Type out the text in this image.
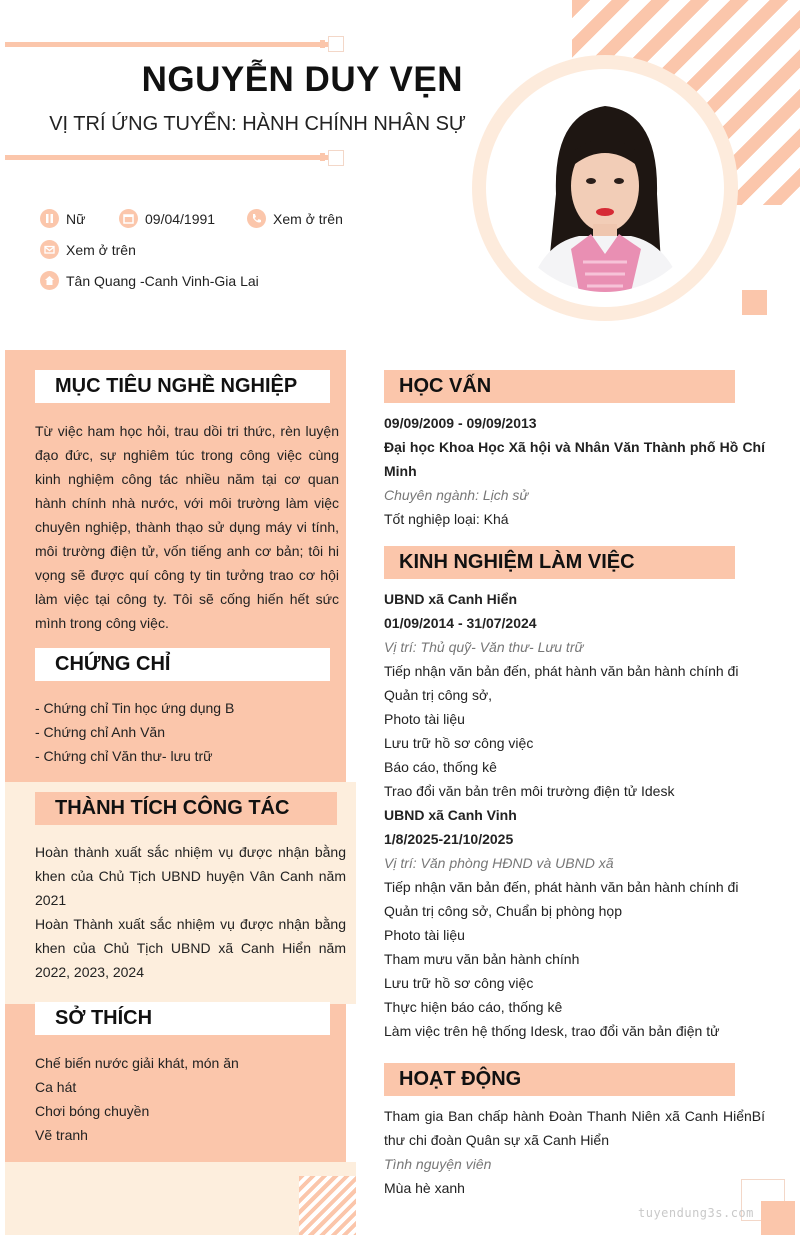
NGUYỄN DUY VẸN
VỊ TRÍ ỨNG TUYỂN: HÀNH CHÍNH NHÂN SỰ
Nữ	09/04/1991	Xem ở trên
Xem ở trên
Tân Quang -Canh Vinh-Gia Lai
MỤC TIÊU NGHỀ NGHIỆP
Từ việc ham học hỏi, trau dồi tri thức, rèn luyện đạo đức, sự nghiêm túc trong công việc cùng kinh nghiệm công tác nhiều năm tại cơ quan hành chính nhà nước, với môi trường làm việc chuyên nghiệp, thành thạo sử dụng máy vi tính, môi trường điện tử, vốn tiếng anh cơ bản; tôi hi vọng sẽ được quí công ty tin tưởng trao cơ hội làm việc tại công ty. Tôi sẽ cống hiến hết sức mình trong công việc.
CHỨNG CHỈ
- Chứng chỉ Tin học ứng dụng B
- Chứng chỉ Anh Văn
- Chứng chỉ Văn thư- lưu trữ
THÀNH TÍCH CÔNG TÁC
Hoàn thành xuất sắc nhiệm vụ được nhận bằng khen của Chủ Tịch UBND huyện Vân Canh năm 2021
Hoàn Thành xuất sắc nhiệm vụ được nhận bằng khen của Chủ Tịch UBND xã Canh Hiển năm 2022, 2023, 2024
SỞ THÍCH
Chế biến nước giải khát, món ăn
Ca hát
Chơi bóng chuyền
Vẽ tranh
HỌC VẤN
09/09/2009 - 09/09/2013
Đại học Khoa Học Xã hội và Nhân Văn Thành phố Hồ Chí Minh
Chuyên ngành: Lịch sử
Tốt nghiệp loại: Khá
KINH NGHIỆM LÀM VIỆC
UBND xã Canh Hiển
01/09/2014 - 31/07/2024
Vị trí: Thủ quỹ- Văn thư- Lưu trữ
Tiếp nhận văn bản đến, phát hành văn bản hành chính đi
Quản trị công sở,
Photo tài liệu
Lưu trữ hồ sơ công việc
Báo cáo, thống kê
Trao đổi văn bản trên môi trường điện tử Idesk
UBND xã Canh Vinh
1/8/2025-21/10/2025
Vị trí: Văn phòng HĐND và UBND xã
Tiếp nhận văn bản đến, phát hành văn bản hành chính đi
Quản trị công sở, Chuẩn bị phòng họp
Photo tài liệu
Tham mưu văn bản hành chính
Lưu trữ hồ sơ công việc
Thực hiện báo cáo, thống kê
Làm việc trên hệ thống Idesk, trao đổi văn bản điện tử
HOẠT ĐỘNG
Tham gia Ban chấp hành Đoàn Thanh Niên xã Canh HiểnBí thư chi đoàn Quân sự xã Canh Hiển
Tình nguyện viên
Mùa hè xanh
tuyendung3s.com
